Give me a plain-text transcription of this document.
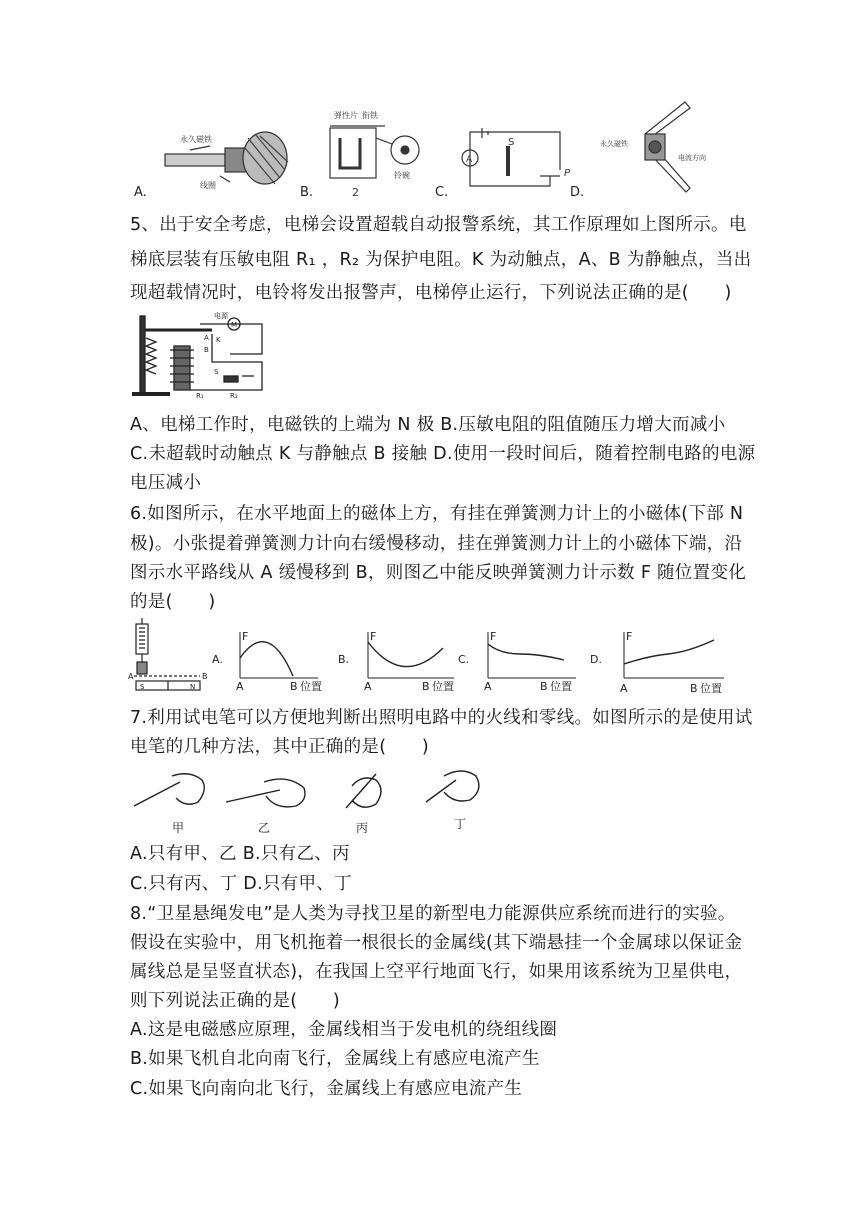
永久磁铁
线圈
A.
弹性片 衔铁
铃碗
2
B.
A
S
P
C.
永久磁铁
电流方向
D.
5、出于安全考虑，电梯会设置超载自动报警系统，其工作原理如上图所示。电
梯底层装有压敏电阻 R₁ ，R₂ 为保护电阻。K 为动触点，A、B 为静触点，当出
现超载情况时，电铃将发出报警声，电梯停止运行，下列说法正确的是(　　)
电源
M
A K
B
S
R₁	R₂
A、电梯工作时，电磁铁的上端为 N 极 B.压敏电阻的阻值随压力增大而减小
C.未超载时动触点 K 与静触点 B 接触 D.使用一段时间后，随着控制电路的电源
电压减小
6.如图所示，在水平地面上的磁体上方，有挂在弹簧测力计上的小磁体(下部 N
极)。小张提着弹簧测力计向右缓慢移动，挂在弹簧测力计上的小磁体下端，沿
图示水平路线从 A 缓慢移到 B，则图乙中能反映弹簧测力计示数 F 随位置变化
的是(　　)
A	B
S	N
A.
F
A	B 位置
B.
F
A	B 位置
C.
F
A	B 位置
D.
F
A	B 位置
7.利用试电笔可以方便地判断出照明电路中的火线和零线。如图所示的是使用试
电笔的几种方法，其中正确的是(　　)
甲	乙	丙	丁
A.只有甲、乙 B.只有乙、丙
C.只有丙、丁 D.只有甲、丁
8.“卫星悬绳发电”是人类为寻找卫星的新型电力能源供应系统而进行的实验。
假设在实验中，用飞机拖着一根很长的金属线(其下端悬挂一个金属球以保证金
属线总是呈竖直状态)，在我国上空平行地面飞行，如果用该系统为卫星供电，
则下列说法正确的是(　　)
A.这是电磁感应原理，金属线相当于发电机的绕组线圈
B.如果飞机自北向南飞行，金属线上有感应电流产生
C.如果飞向南向北飞行，金属线上有感应电流产生
